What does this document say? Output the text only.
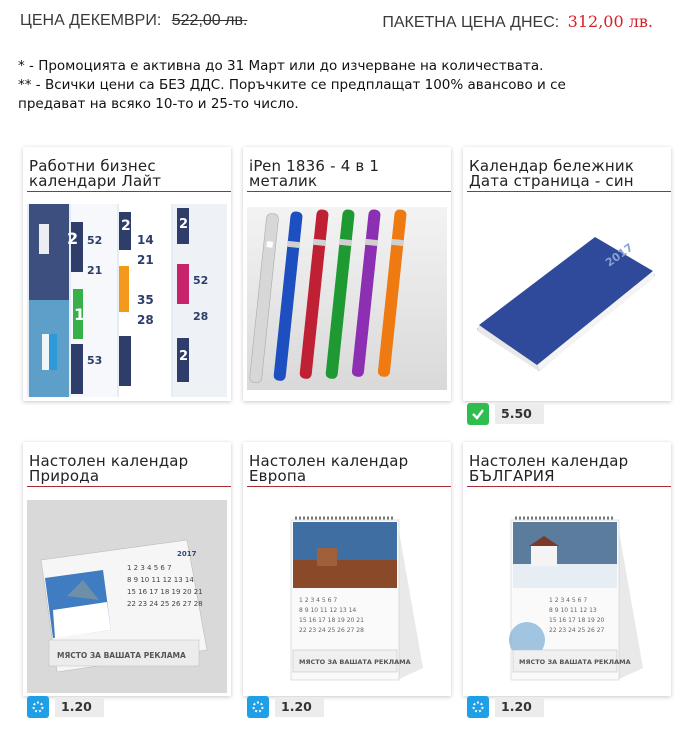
ЦЕНА ДЕКЕМВРИ: 522,00 лв.	ПАКЕТНА ЦЕНА ДНЕС: 312,00 лв.
* - Промоцията е активна до 31 Март или до изчерване на количествата.
** - Всички цени са БЕЗ ДДС. Поръчките се предплащат 100% авансово и се
предават на всяко 10-то и 25-то число.
Работни бизнес
календари Лайт
2
1
52
21
53
2
14
21
35
28
2
52
28
2
iPen 1836 - 4 в 1
металик
Календар бележник
Дата страница - син
2017
5.50
Настолен календар
Природа
1 2 3 4 5 6 7
8 9 10 11 12 13 14
15 16 17 18 19 20 21
22 23 24 25 26 27 28
2017
МЯСТО ЗА ВАШАТА РЕКЛАМА
1.20
Настолен календар
Европа
1 2 3 4 5 6 7
8 9 10 11 12 13 14
15 16 17 18 19 20 21
22 23 24 25 26 27 28
МЯСТО ЗА ВАШАТА РЕКЛАМА
1.20
Настолен календар
БЪЛГАРИЯ
1 2 3 4 5 6 7
8 9 10 11 12 13
15 16 17 18 19 20
22 23 24 25 26 27
МЯСТО ЗА ВАШАТА РЕКЛАМА
1.20
